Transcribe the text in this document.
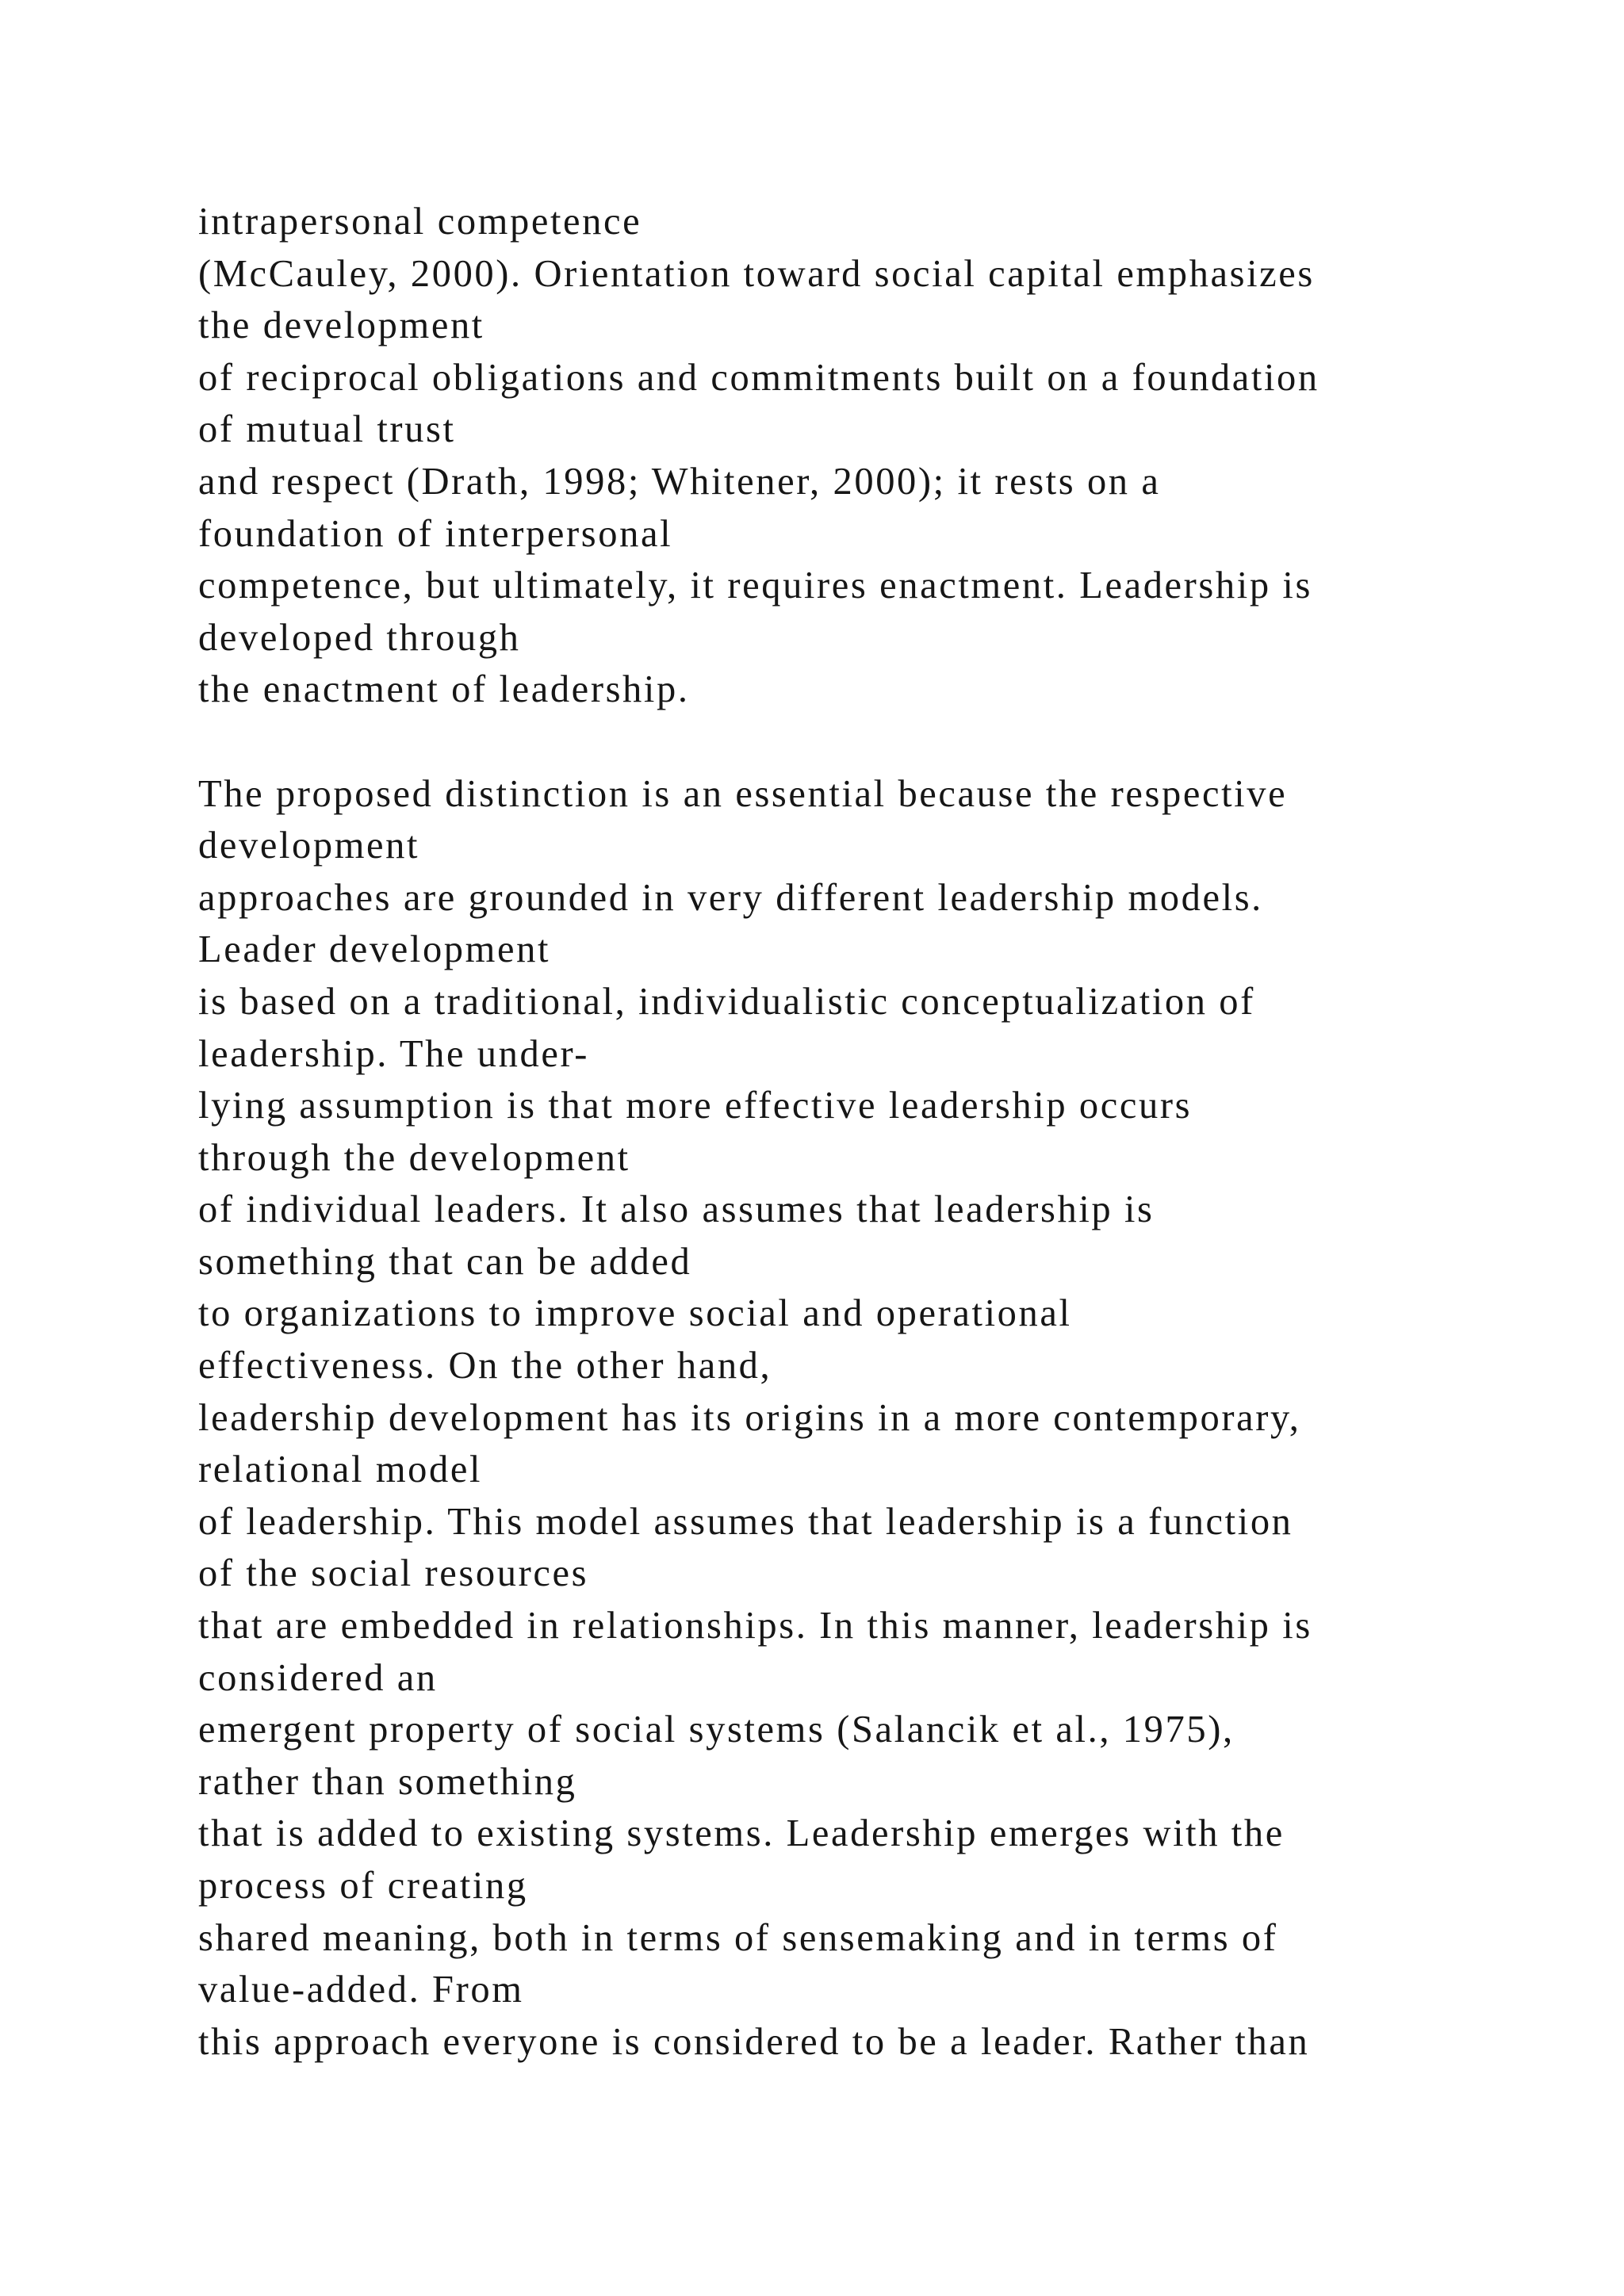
intrapersonal competence
(McCauley, 2000). Orientation toward social capital emphasizes
the development
of reciprocal obligations and commitments built on a foundation
of mutual trust
and respect (Drath, 1998; Whitener, 2000); it rests on a
foundation of interpersonal
competence, but ultimately, it requires enactment. Leadership is
developed through
the enactment of leadership.
The proposed distinction is an essential because the respective
development
approaches are grounded in very different leadership models.
Leader development
is based on a traditional, individualistic conceptualization of
leadership. The under-
lying assumption is that more effective leadership occurs
through the development
of individual leaders. It also assumes that leadership is
something that can be added
to organizations to improve social and operational
effectiveness. On the other hand,
leadership development has its origins in a more contemporary,
relational model
of leadership. This model assumes that leadership is a function
of the social resources
that are embedded in relationships. In this manner, leadership is
considered an
emergent property of social systems (Salancik et al., 1975),
rather than something
that is added to existing systems. Leadership emerges with the
process of creating
shared meaning, both in terms of sensemaking and in terms of
value-added. From
this approach everyone is considered to be a leader. Rather than
